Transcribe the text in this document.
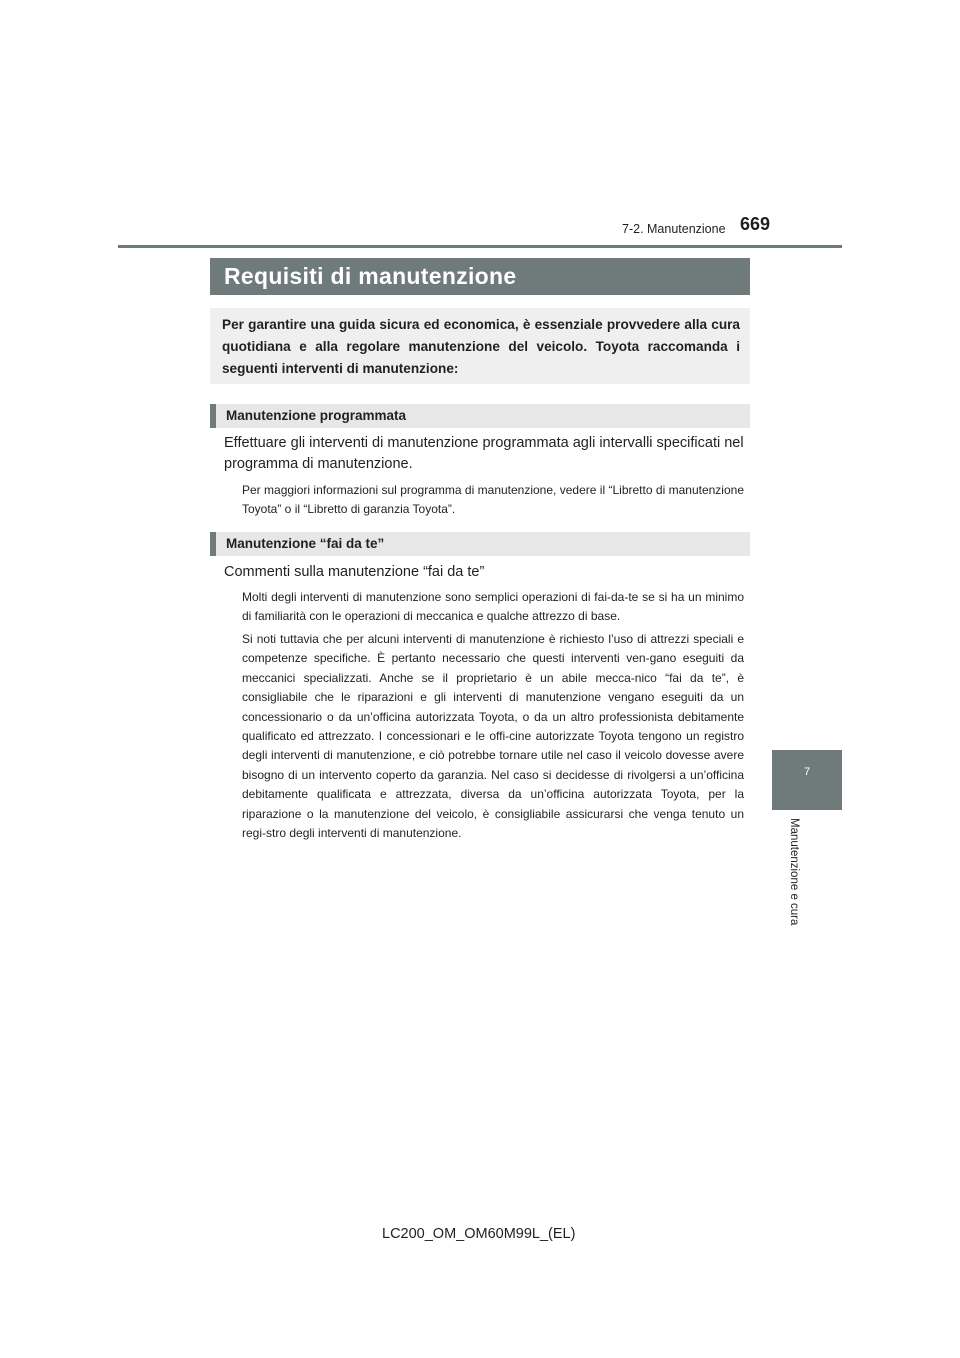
7-2. Manutenzione 669
7
Manutenzione e cura
Requisiti di manutenzione
Per garantire una guida sicura ed economica, è essenziale provvedere alla cura quotidiana e alla regolare manutenzione del veicolo. Toyota raccomanda i seguenti interventi di manutenzione:
Manutenzione programmata
Effettuare gli interventi di manutenzione programmata agli intervalli specificati nel programma di manutenzione.
Per maggiori informazioni sul programma di manutenzione, vedere il “Libretto di manutenzione Toyota” o il “Libretto di garanzia Toyota”.
Manutenzione “fai da te”
Commenti sulla manutenzione “fai da te”
Molti degli interventi di manutenzione sono semplici operazioni di fai-da-te se si ha un minimo di familiarità con le operazioni di meccanica e qualche attrezzo di base.
Si noti tuttavia che per alcuni interventi di manutenzione è richiesto l’uso di attrezzi speciali e competenze specifiche. È pertanto necessario che questi interventi ven-gano eseguiti da meccanici specializzati. Anche se il proprietario è un abile mecca-nico “fai da te”, è consigliabile che le riparazioni e gli interventi di manutenzione vengano eseguiti da un concessionario o da un’officina autorizzata Toyota, o da un altro professionista debitamente qualificato ed attrezzato. I concessionari e le offi-cine autorizzate Toyota tengono un registro degli interventi di manutenzione, e ciò potrebbe tornare utile nel caso il veicolo dovesse avere bisogno di un intervento coperto da garanzia. Nel caso si decidesse di rivolgersi a un’officina debitamente qualificata e attrezzata, diversa da un’officina autorizzata Toyota, per la riparazione o la manutenzione del veicolo, è consigliabile assicurarsi che venga tenuto un regi-stro degli interventi di manutenzione.
LC200_OM_OM60M99L_(EL)
